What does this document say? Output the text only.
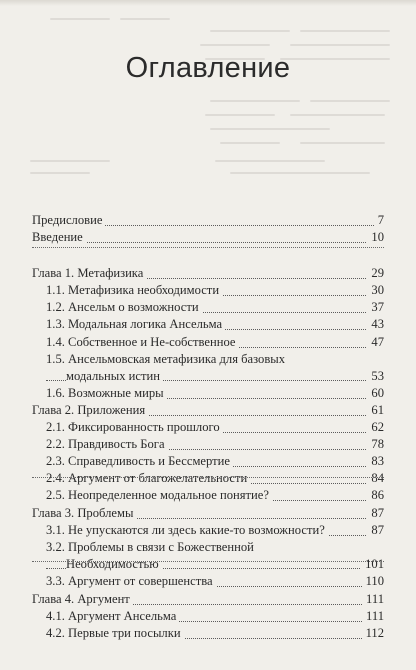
Оглавление
Предисловие	7
Введение	10
Глава 1. Метафизика	29
1.1. Метафизика необходимости	30
1.2. Ансельм о возможности	37
1.3. Модальная логика Ансельма	43
1.4. Собственное и Не-собственное	47
1.5. Ансельмовская метафизика для базовых
модальных истин	53
1.6. Возможные миры	60
Глава 2. Приложения	61
2.1. Фиксированность прошлого	62
2.2. Правдивость Бога	78
2.3. Справедливость и Бессмертие	83
2.4. Аргумент от благожелательности	84
2.5. Неопределенное модальное понятие?	86
Глава 3. Проблемы	87
3.1. Не упускаются ли здесь какие-то возможности?	87
3.2. Проблемы в связи с Божественной
Необходимостью	101
3.3. Аргумент от совершенства	110
Глава 4. Аргумент	111
4.1. Аргумент Ансельма	111
4.2. Первые три посылки	112
